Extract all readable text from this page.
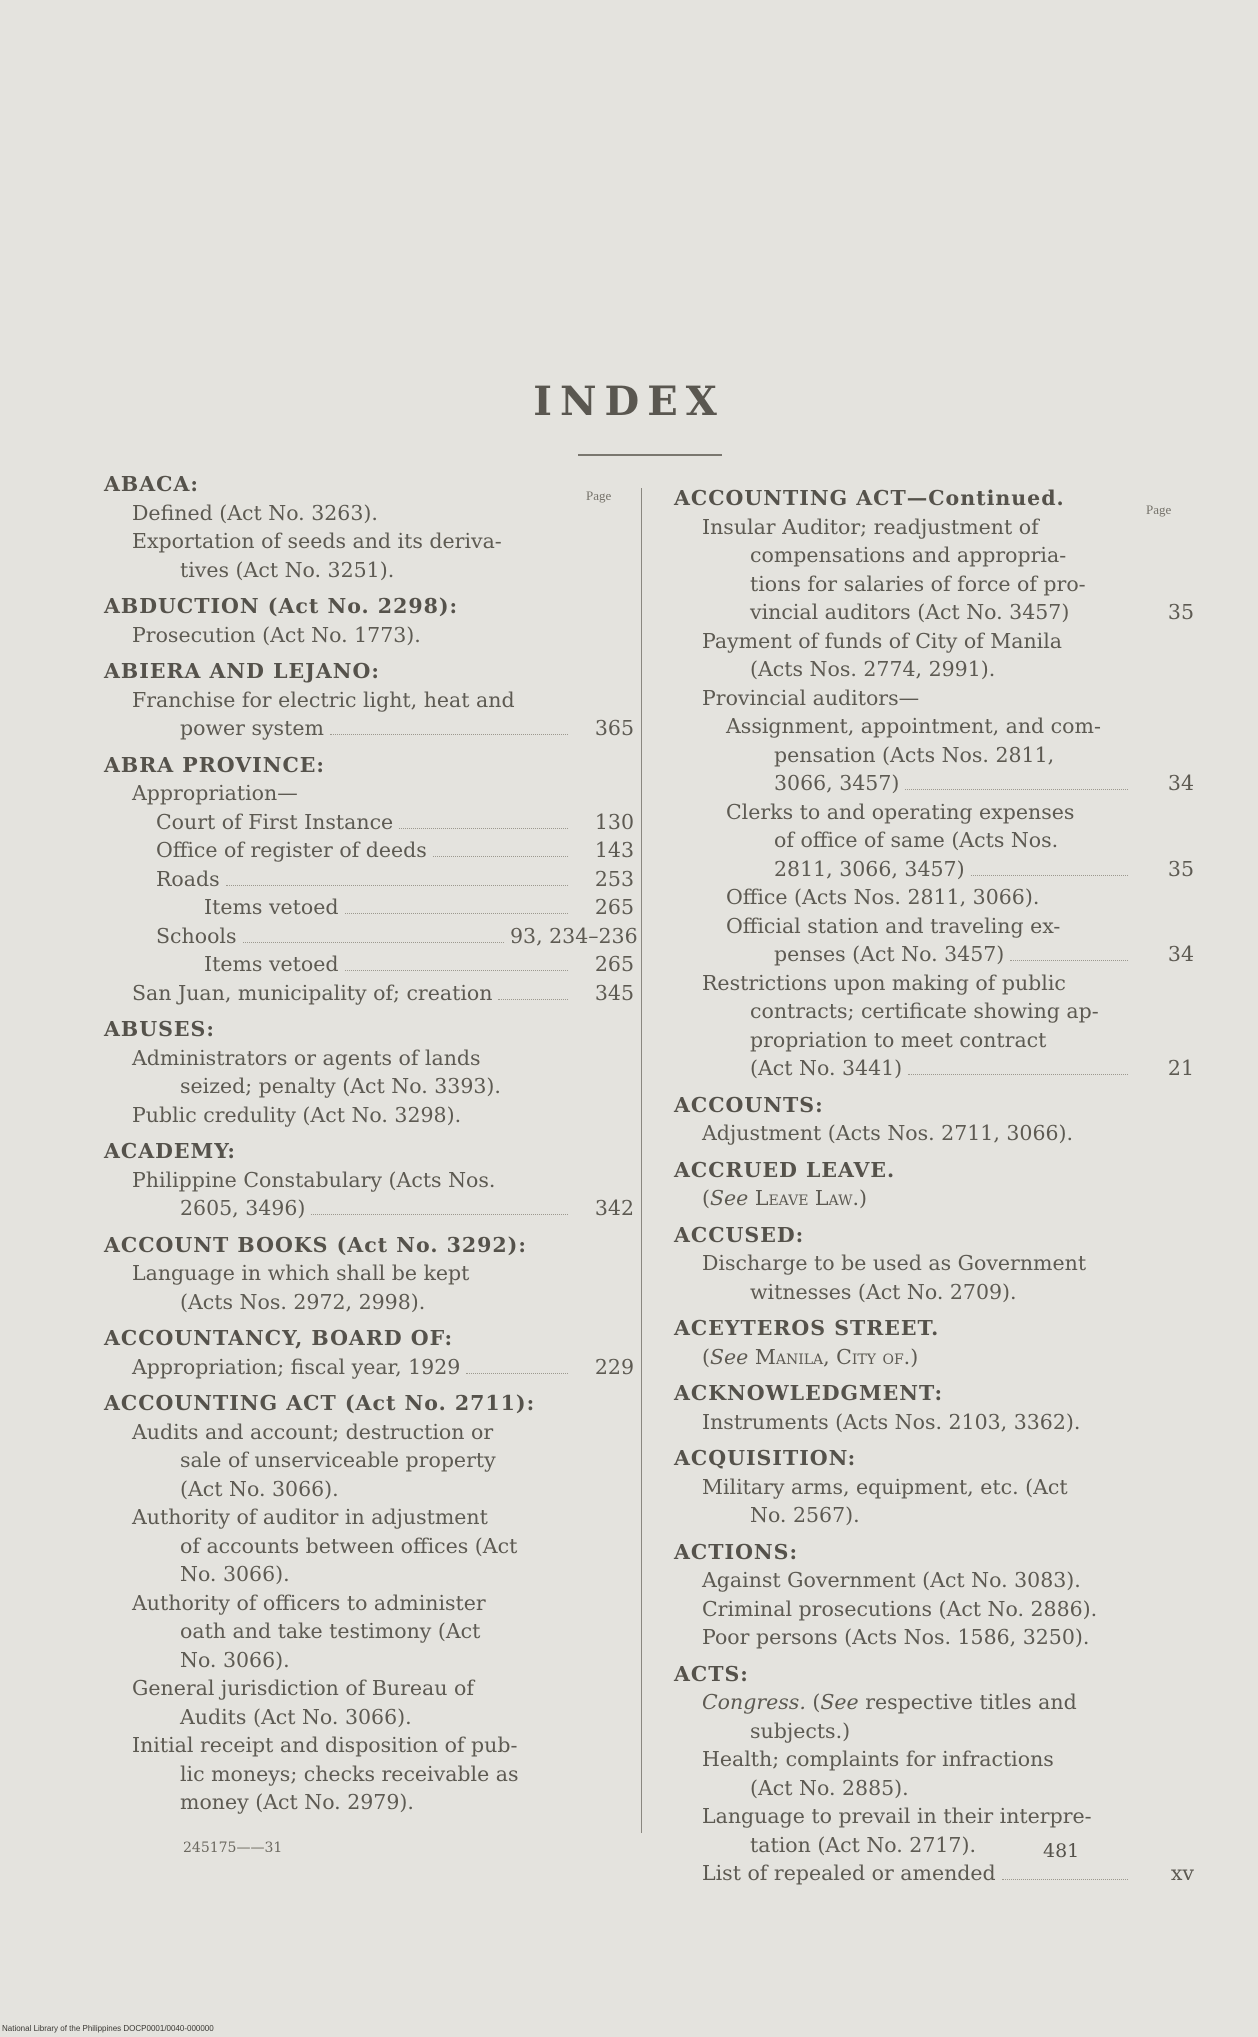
INDEX
Page
Page
ABACA:
Defined (Act No. 3263).
Exportation of seeds and its deriva-
tives (Act No. 3251).
ABDUCTION (Act No. 2298):
Prosecution (Act No. 1773).
ABIERA AND LEJANO:
Franchise for electric light, heat and
power system	365
ABRA PROVINCE:
Appropriation—
Court of First Instance	130
Office of register of deeds	143
Roads	253
Items vetoed	265
Schools	93, 234–236
Items vetoed	265
San Juan, municipality of; creation	345
ABUSES:
Administrators or agents of lands
seized; penalty (Act No. 3393).
Public credulity (Act No. 3298).
ACADEMY:
Philippine Constabulary (Acts Nos.
2605, 3496)	342
ACCOUNT BOOKS (Act No. 3292):
Language in which shall be kept
(Acts Nos. 2972, 2998).
ACCOUNTANCY, BOARD OF:
Appropriation; fiscal year, 1929	229
ACCOUNTING ACT (Act No. 2711):
Audits and account; destruction or
sale of unserviceable property
(Act No. 3066).
Authority of auditor in adjustment
of accounts between offices (Act
No. 3066).
Authority of officers to administer
oath and take testimony (Act
No. 3066).
General jurisdiction of Bureau of
Audits (Act No. 3066).
Initial receipt and disposition of pub-
lic moneys; checks receivable as
money (Act No. 2979).
ACCOUNTING ACT—Continued.
Insular Auditor; readjustment of
compensations and appropria-
tions for salaries of force of pro-
vincial auditors (Act No. 3457)	35
Payment of funds of City of Manila
(Acts Nos. 2774, 2991).
Provincial auditors—
Assignment, appointment, and com-
pensation (Acts Nos. 2811,
3066, 3457)	34
Clerks to and operating expenses
of office of same (Acts Nos.
2811, 3066, 3457)	35
Office (Acts Nos. 2811, 3066).
Official station and traveling ex-
penses (Act No. 3457)	34
Restrictions upon making of public
contracts; certificate showing ap-
propriation to meet contract
(Act No. 3441)	21
ACCOUNTS:
Adjustment (Acts Nos. 2711, 3066).
ACCRUED LEAVE.
(See Leave Law.)
ACCUSED:
Discharge to be used as Government
witnesses (Act No. 2709).
ACEYTEROS STREET.
(See Manila, City of.)
ACKNOWLEDGMENT:
Instruments (Acts Nos. 2103, 3362).
ACQUISITION:
Military arms, equipment, etc. (Act
No. 2567).
ACTIONS:
Against Government (Act No. 3083).
Criminal prosecutions (Act No. 2886).
Poor persons (Acts Nos. 1586, 3250).
ACTS:
Congress. (See respective titles and
subjects.)
Health; complaints for infractions
(Act No. 2885).
Language to prevail in their interpre-
tation (Act No. 2717).
List of repealed or amended	xv
245175——31	481
National Library of the Philippines DOCP0001/0040-000000
